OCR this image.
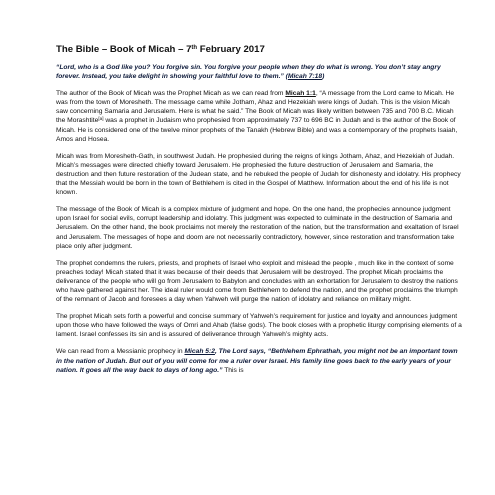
The Bible – Book of Micah – 7th February 2017
“Lord, who is a God like you? You forgive sin. You forgive your people when they do what is wrong. You don’t stay angry forever. Instead, you take delight in showing your faithful love to them.” (Micah 7:18)
The author of the Book of Micah was the Prophet Micah as we can read from Micah 1:1, “A message from the Lord came to Micah. He was from the town of Moresheth. The message came while Jotham, Ahaz and Hezekiah were kings of Judah. This is the vision Micah saw concerning Samaria and Jerusalem. Here is what he said.” The Book of Micah was likely written between 735 and 700 B.C. Micah the Morashtite[a] was a prophet in Judaism who prophesied from approximately 737 to 696 BC in Judah and is the author of the Book of Micah. He is considered one of the twelve minor prophets of the Tanakh (Hebrew Bible) and was a contemporary of the prophets Isaiah, Amos and Hosea.
Micah was from Moresheth-Gath, in southwest Judah. He prophesied during the reigns of kings Jotham, Ahaz, and Hezekiah of Judah. Micah’s messages were directed chiefly toward Jerusalem. He prophesied the future destruction of Jerusalem and Samaria, the destruction and then future restoration of the Judean state, and he rebuked the people of Judah for dishonesty and idolatry. His prophecy that the Messiah would be born in the town of Bethlehem is cited in the Gospel of Matthew. Information about the end of his life is not known.
The message of the Book of Micah is a complex mixture of judgment and hope. On the one hand, the prophecies announce judgment upon Israel for social evils, corrupt leadership and idolatry. This judgment was expected to culminate in the destruction of Samaria and Jerusalem. On the other hand, the book proclaims not merely the restoration of the nation, but the transformation and exaltation of Israel and Jerusalem. The messages of hope and doom are not necessarily contradictory, however, since restoration and transformation take place only after judgment.
The prophet condemns the rulers, priests, and prophets of Israel who exploit and mislead the people , much like in the context of some preaches today! Micah stated that it was because of their deeds that Jerusalem will be destroyed. The prophet Micah proclaims the deliverance of the people who will go from Jerusalem to Babylon and concludes with an exhortation for Jerusalem to destroy the nations who have gathered against her. The ideal ruler would come from Bethlehem to defend the nation, and the prophet proclaims the triumph of the remnant of Jacob and foresees a day when Yahweh will purge the nation of idolatry and reliance on military might.
The prophet Micah sets forth a powerful and concise summary of Yahweh’s requirement for justice and loyalty and announces judgment upon those who have followed the ways of Omri and Ahab (false gods). The book closes with a prophetic liturgy comprising elements of a lament. Israel confesses its sin and is assured of deliverance through Yahweh’s mighty acts.
We can read from a Messianic prophecy in Micah 5:2, The Lord says, “Bethlehem Ephrathah, you might not be an important town in the nation of Judah. But out of you will come for me a ruler over Israel. His family line goes back to the early years of your nation. It goes all the way back to days of long ago.” This is
